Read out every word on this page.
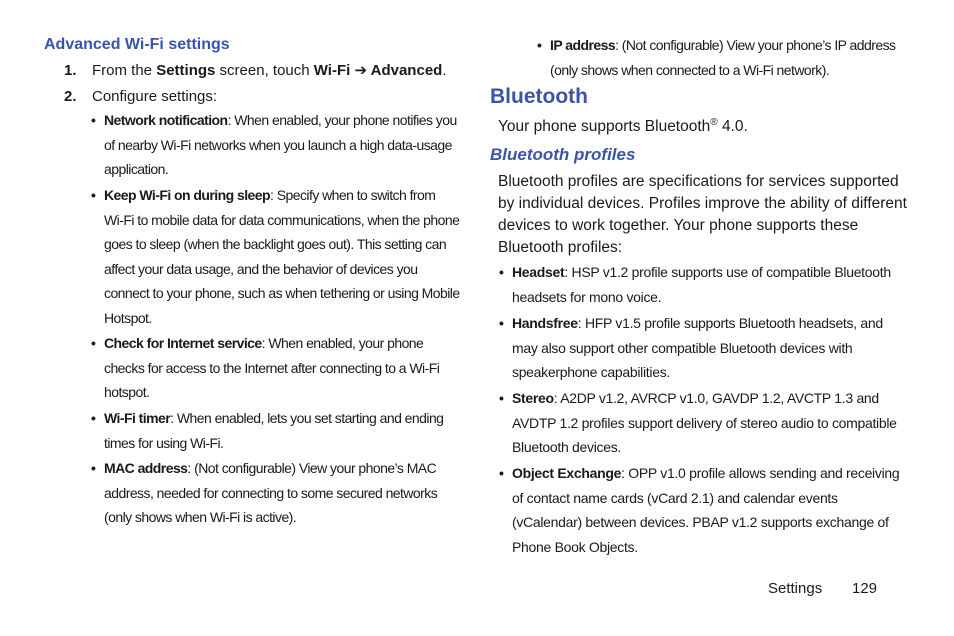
Advanced Wi-Fi settings
1. From the Settings screen, touch Wi-Fi ➔ Advanced.
2. Configure settings:
• Network notification: When enabled, your phone notifies you
of nearby Wi-Fi networks when you launch a high data-usage
application.
• Keep Wi-Fi on during sleep: Specify when to switch from
Wi-Fi to mobile data for data communications, when the phone
goes to sleep (when the backlight goes out). This setting can
affect your data usage, and the behavior of devices you
connect to your phone, such as when tethering or using Mobile
Hotspot.
• Check for Internet service: When enabled, your phone
checks for access to the Internet after connecting to a Wi-Fi
hotspot.
• Wi-Fi timer: When enabled, lets you set starting and ending
times for using Wi-Fi.
• MAC address: (Not configurable) View your phone’s MAC
address, needed for connecting to some secured networks
(only shows when Wi-Fi is active).
• IP address: (Not configurable) View your phone’s IP address
(only shows when connected to a Wi-Fi network).
Bluetooth
Your phone supports Bluetooth® 4.0.
Bluetooth profiles
Bluetooth profiles are specifications for services supported
by individual devices. Profiles improve the ability of different
devices to work together. Your phone supports these
Bluetooth profiles:
• Headset: HSP v1.2 profile supports use of compatible Bluetooth
headsets for mono voice.
• Handsfree: HFP v1.5 profile supports Bluetooth headsets, and
may also support other compatible Bluetooth devices with
speakerphone capabilities.
• Stereo: A2DP v1.2, AVRCP v1.0, GAVDP 1.2, AVCTP 1.3 and
AVDTP 1.2 profiles support delivery of stereo audio to compatible
Bluetooth devices.
• Object Exchange: OPP v1.0 profile allows sending and receiving
of contact name cards (vCard 2.1) and calendar events
(vCalendar) between devices. PBAP v1.2 supports exchange of
Phone Book Objects.
Settings 129
